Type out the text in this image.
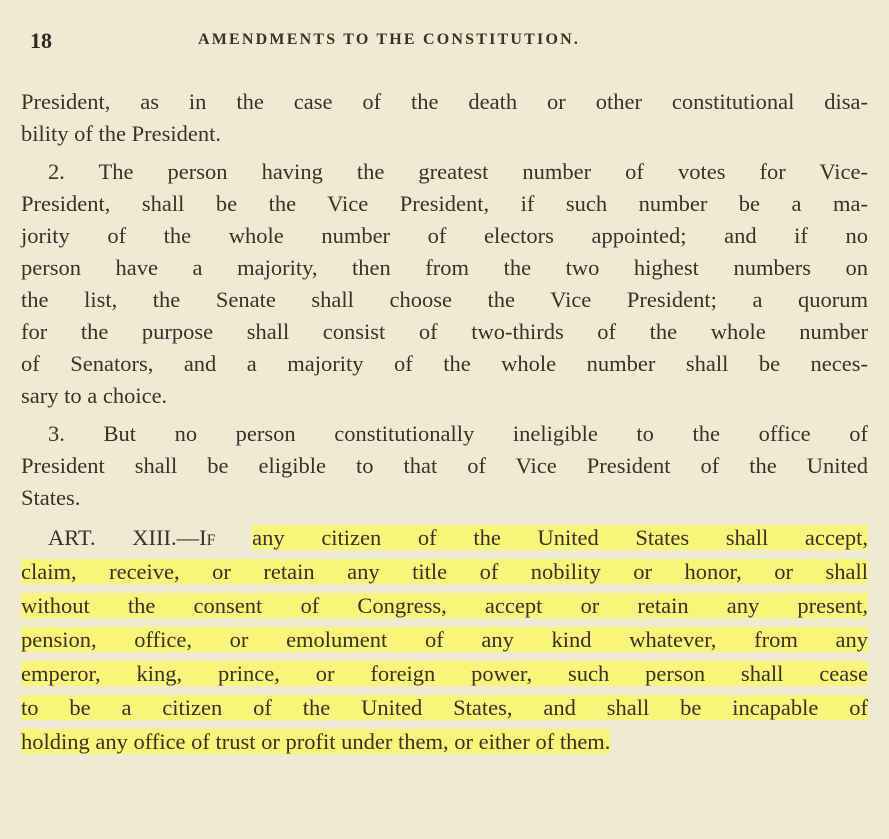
18	AMENDMENTS TO THE CONSTITUTION.
President, as in the case of the death or other constitutional disa-
bility of the President.
2. The person having the greatest number of votes for Vice-
President, shall be the Vice President, if such number be a ma-
jority of the whole number of electors appointed; and if no
person have a majority, then from the two highest numbers on
the list, the Senate shall choose the Vice President; a quorum
for the purpose shall consist of two-thirds of the whole number
of Senators, and a majority of the whole number shall be neces-
sary to a choice.
3. But no person constitutionally ineligible to the office of
President shall be eligible to that of Vice President of the United
States.
ART. XIII.—If any citizen of the United States shall accept,
claim, receive, or retain any title of nobility or honor, or shall
without the consent of Congress, accept or retain any present,
pension, office, or emolument of any kind whatever, from any
emperor, king, prince, or foreign power, such person shall cease
to be a citizen of the United States, and shall be incapable of
holding any office of trust or profit under them, or either of them.
